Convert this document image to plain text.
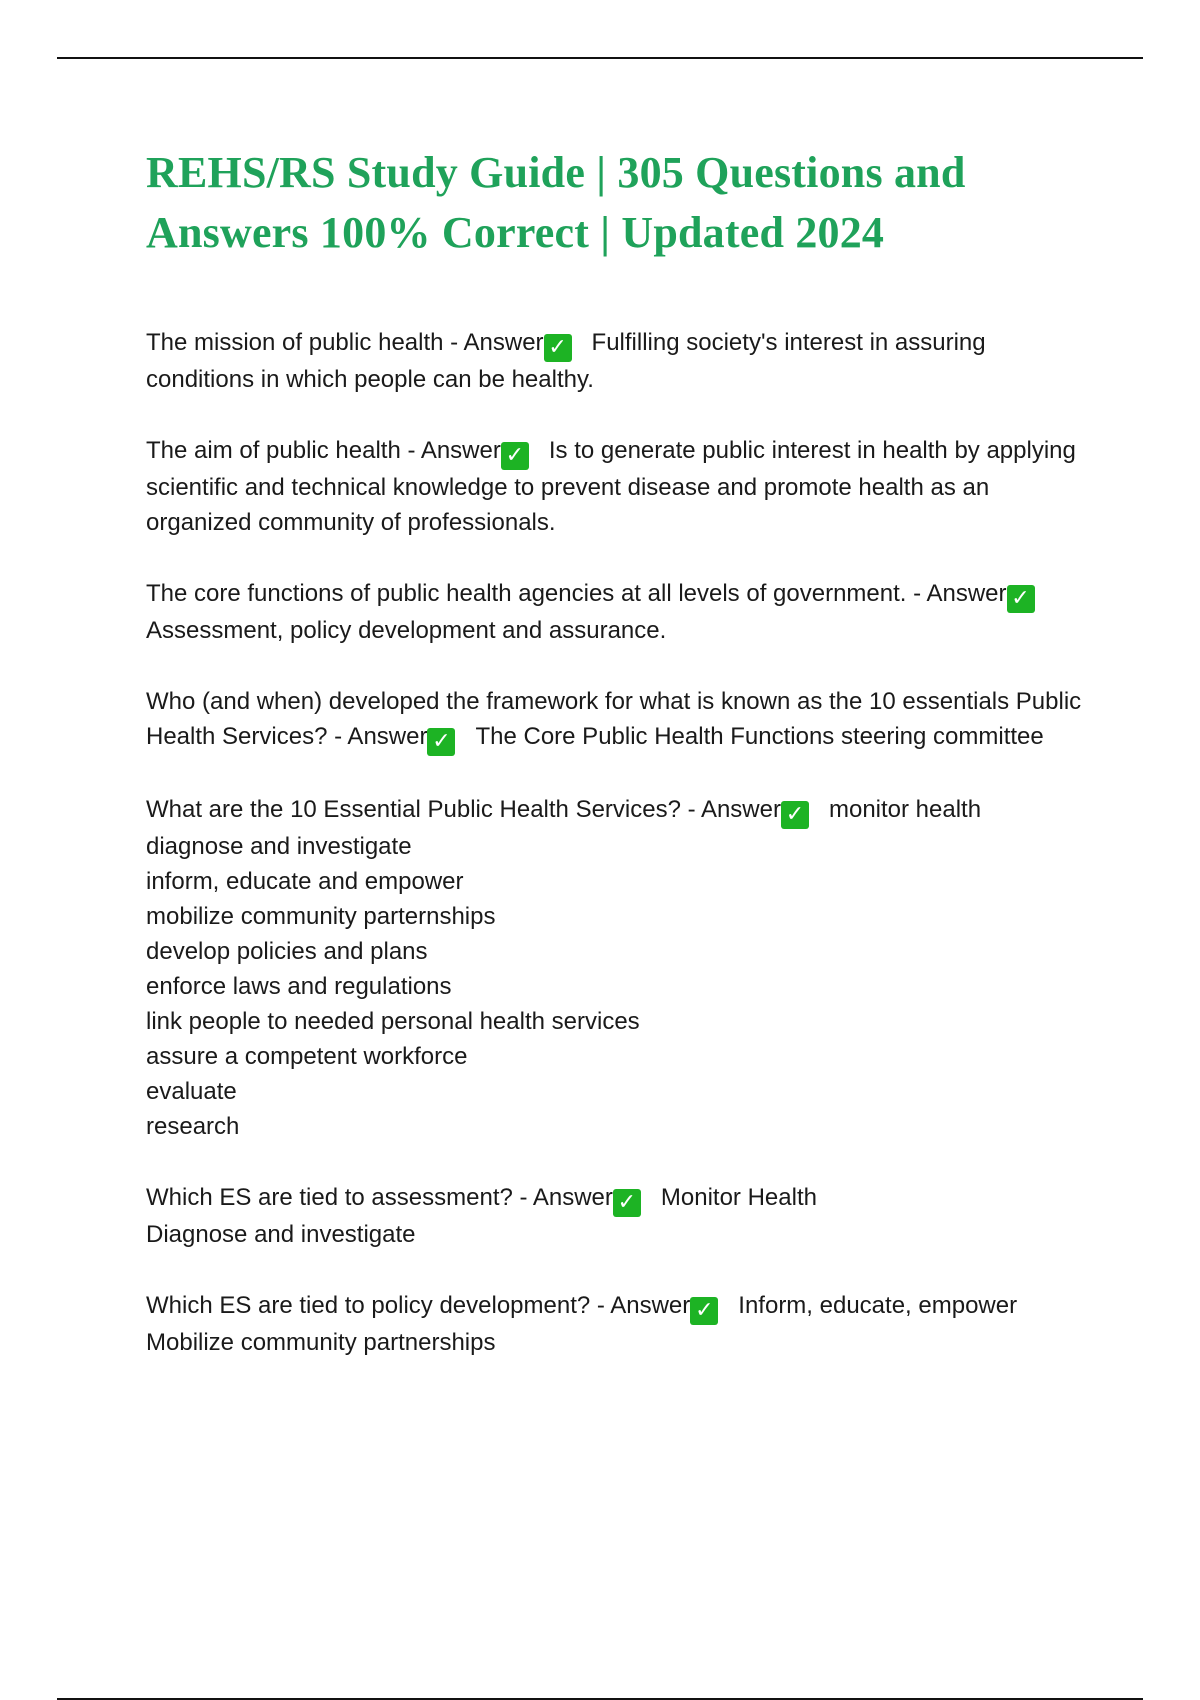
REHS/RS Study Guide | 305 Questions and Answers 100% Correct | Updated 2024
The mission of public health - Answer ✓ Fulfilling society's interest in assuring conditions in which people can be healthy.
The aim of public health - Answer ✓ Is to generate public interest in health by applying scientific and technical knowledge to prevent disease and promote health as an organized community of professionals.
The core functions of public health agencies at all levels of government. - Answer ✓Assessment, policy development and assurance.
Who (and when) developed the framework for what is known as the 10 essentials Public Health Services? - Answer ✓ The Core Public Health Functions steering committee
What are the 10 Essential Public Health Services? - Answer ✓ monitor health
diagnose and investigate
inform, educate and empower
mobilize community parternships
develop policies and plans
enforce laws and regulations
link people to needed personal health services
assure a competent workforce
evaluate
research
Which ES are tied to assessment? - Answer ✓ Monitor Health
Diagnose and investigate
Which ES are tied to policy development? - Answer ✓ Inform, educate, empower
Mobilize community partnerships
